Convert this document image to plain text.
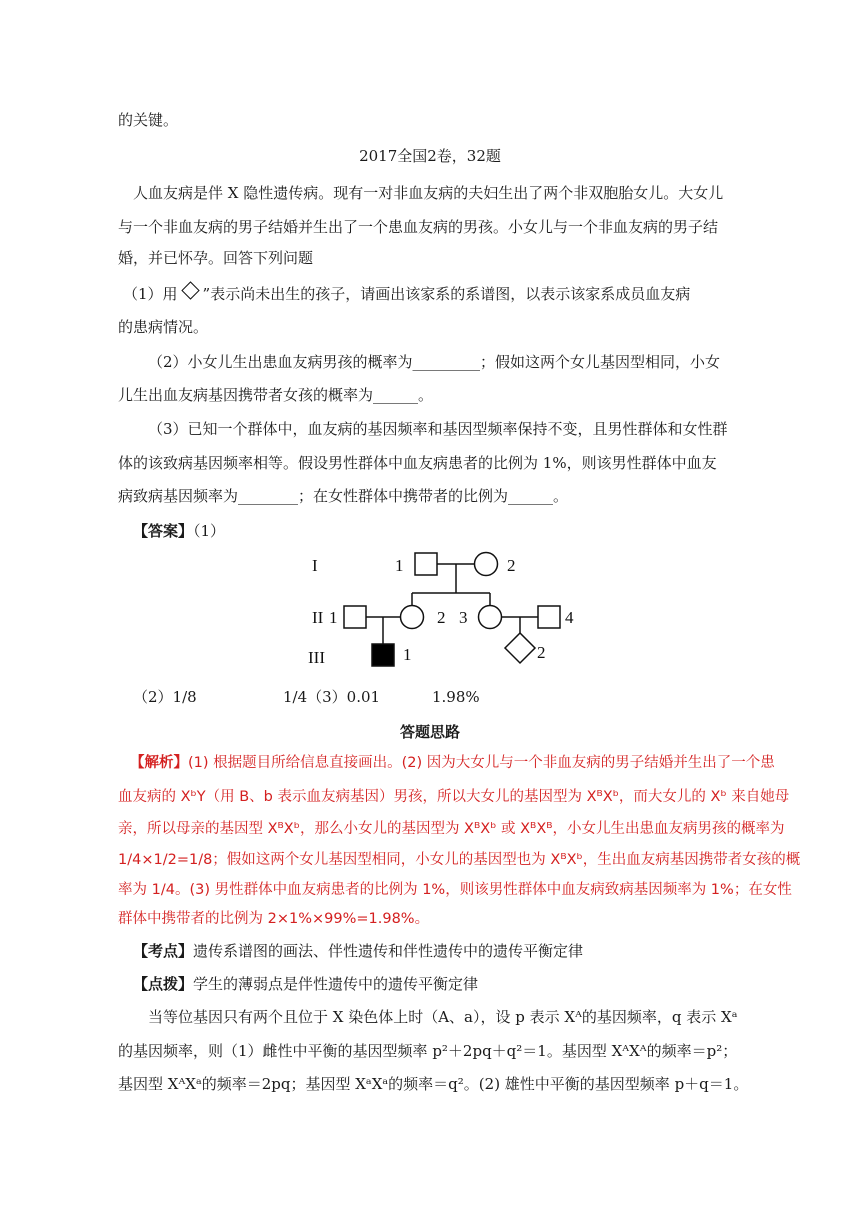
的关键。
2017全国2卷，32题
人血友病是伴 X 隐性遗传病。现有一对非血友病的夫妇生出了两个非双胞胎女儿。大女儿
与一个非血友病的男子结婚并生出了一个患血友病的男孩。小女儿与一个非血友病的男子结
婚，并已怀孕。回答下列问题
（1）用 ”表示尚未出生的孩子，请画出该家系的系谱图，以表示该家系成员血友病
的患病情况。
（2）小女儿生出患血友病男孩的概率为_________；假如这两个女儿基因型相同，小女
儿生出血友病基因携带者女孩的概率为______。
（3）已知一个群体中，血友病的基因频率和基因型频率保持不变，且男性群体和女性群
体的该致病基因频率相等。假设男性群体中血友病患者的比例为 1%，则该男性群体中血友
病致病基因频率为________；在女性群体中携带者的比例为______。
【答案】（1）
I
II
III
1	2
1	2 3	4
1	2
（2）1/8	1/4（3）0.01	1.98%
答题思路
【解析】(1) 根据题目所给信息直接画出。(2) 因为大女儿与一个非血友病的男子结婚并生出了一个患
血友病的 XᵇY（用 B、b 表示血友病基因）男孩，所以大女儿的基因型为 XᴮXᵇ，而大女儿的 Xᵇ 来自她母
亲，所以母亲的基因型 XᴮXᵇ，那么小女儿的基因型为 XᴮXᵇ 或 XᴮXᴮ，小女儿生出患血友病男孩的概率为
1/4×1/2=1/8；假如这两个女儿基因型相同，小女儿的基因型也为 XᴮXᵇ，生出血友病基因携带者女孩的概
率为 1/4。(3) 男性群体中血友病患者的比例为 1%，则该男性群体中血友病致病基因频率为 1%；在女性
群体中携带者的比例为 2×1%×99%=1.98%。
【考点】遗传系谱图的画法、伴性遗传和伴性遗传中的遗传平衡定律
【点拨】学生的薄弱点是伴性遗传中的遗传平衡定律
当等位基因只有两个且位于 X 染色体上时（A、a），设 p 表示 Xᴬ的基因频率，q 表示 Xᵃ
的基因频率，则（1）雌性中平衡的基因型频率 p²＋2pq＋q²＝1。基因型 XᴬXᴬ的频率＝p²；
基因型 XᴬXᵃ的频率＝2pq；基因型 XᵃXᵃ的频率＝q²。(2) 雄性中平衡的基因型频率 p＋q＝1。
